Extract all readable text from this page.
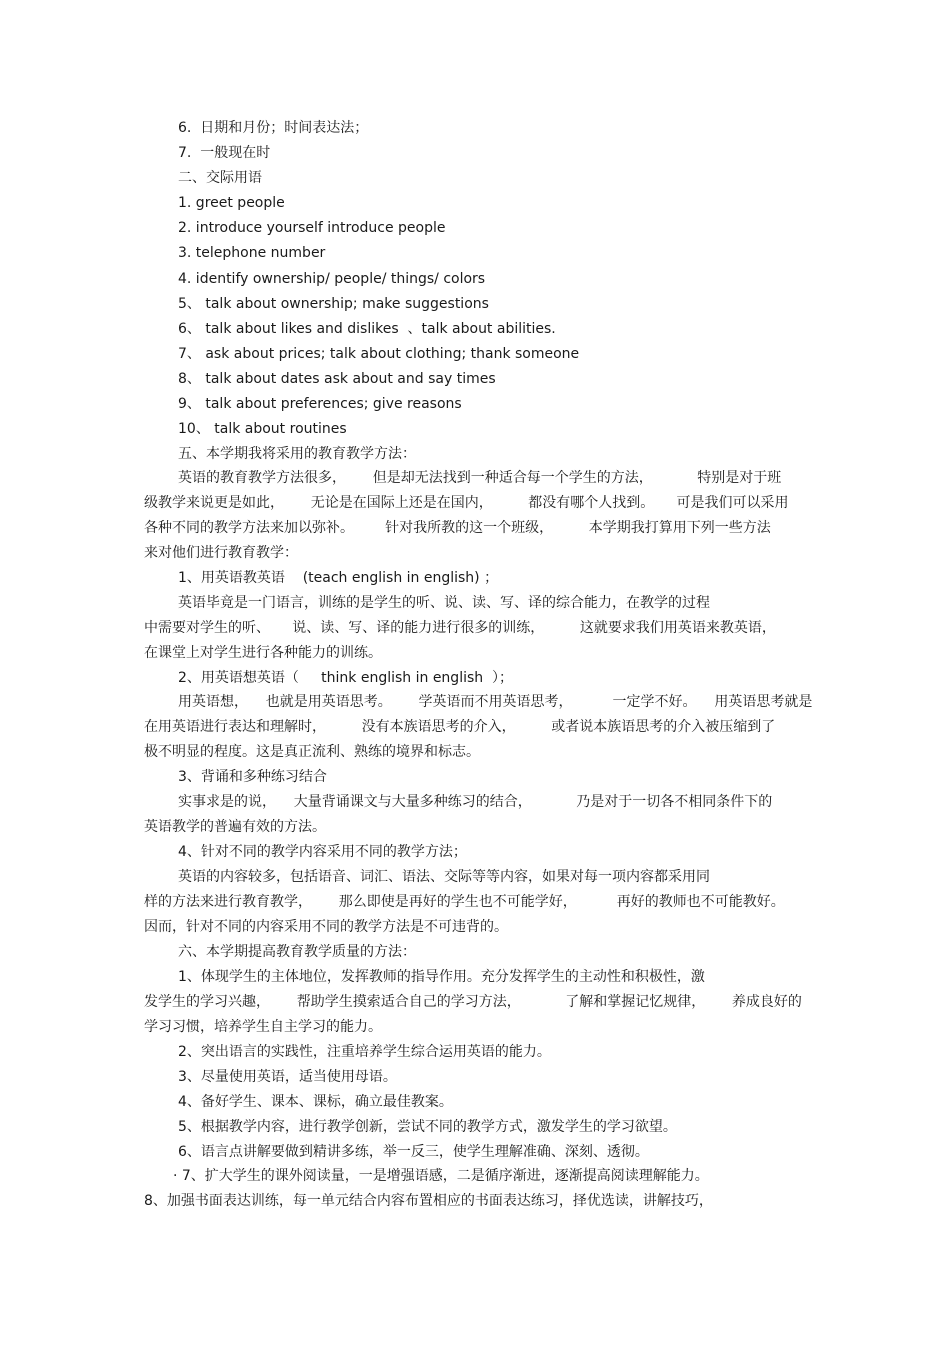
6.  日期和月份；时间表达法；
7.  一般现在时
二、交际用语
1. greet people
2. introduce yourself introduce people
3. telephone number
4. identify ownership/ people/ things/ colors
5、 talk about ownership; make suggestions
6、 talk about likes and dislikes  、talk about abilities.
7、 ask about prices; talk about clothing; thank someone
8、 talk about dates ask about and say times
9、 talk about preferences; give reasons
10、 talk about routines
五、本学期我将采用的教育教学方法：
英语的教育教学方法很多，      但是却无法找到一种适合每一个学生的方法，          特别是对于班
级教学来说更是如此，      无论是在国际上还是在国内，        都没有哪个人找到。     可是我们可以采用
各种不同的教学方法来加以弥补。       针对我所教的这一个班级，        本学期我打算用下列一些方法
来对他们进行教育教学：
1、用英语教英语    (teach english in english) ；
英语毕竟是一门语言，训练的是学生的听、说、读、写、译的综合能力，在教学的过程
中需要对学生的听、     说、读、写、译的能力进行很多的训练，        这就要求我们用英语来教英语，
在课堂上对学生进行各种能力的训练。
2、用英语想英语（     think english in english  ）；
用英语想，    也就是用英语思考。      学英语而不用英语思考，         一定学不好。    用英语思考就是
在用英语进行表达和理解时，        没有本族语思考的介入，        或者说本族语思考的介入被压缩到了
极不明显的程度。这是真正流利、熟练的境界和标志。
3、背诵和多种练习结合
实事求是的说，    大量背诵课文与大量多种练习的结合，          乃是对于一切各不相同条件下的
英语教学的普遍有效的方法。
4、针对不同的教学内容采用不同的教学方法；
英语的内容较多，包括语音、词汇、语法、交际等等内容，如果对每一项内容都采用同
样的方法来进行教育教学，      那么即使是再好的学生也不可能学好，         再好的教师也不可能教好。
因而，针对不同的内容采用不同的教学方法是不可违背的。
六、本学期提高教育教学质量的方法：
1、体现学生的主体地位，发挥教师的指导作用。充分发挥学生的主动性和积极性，激
发学生的学习兴趣，      帮助学生摸索适合自己的学习方法，          了解和掌握记忆规律，      养成良好的
学习习惯，培养学生自主学习的能力。
2、突出语言的实践性，注重培养学生综合运用英语的能力。
3、尽量使用英语，适当使用母语。
4、备好学生、课本、课标，确立最佳教案。
5、根据教学内容，进行教学创新，尝试不同的教学方式，激发学生的学习欲望。
6、语言点讲解要做到精讲多练，举一反三，使学生理解准确、深刻、透彻。
· 7、扩大学生的课外阅读量，一是增强语感，二是循序渐进，逐渐提高阅读理解能力。
8、加强书面表达训练，每一单元结合内容布置相应的书面表达练习，择优选读，讲解技巧，
